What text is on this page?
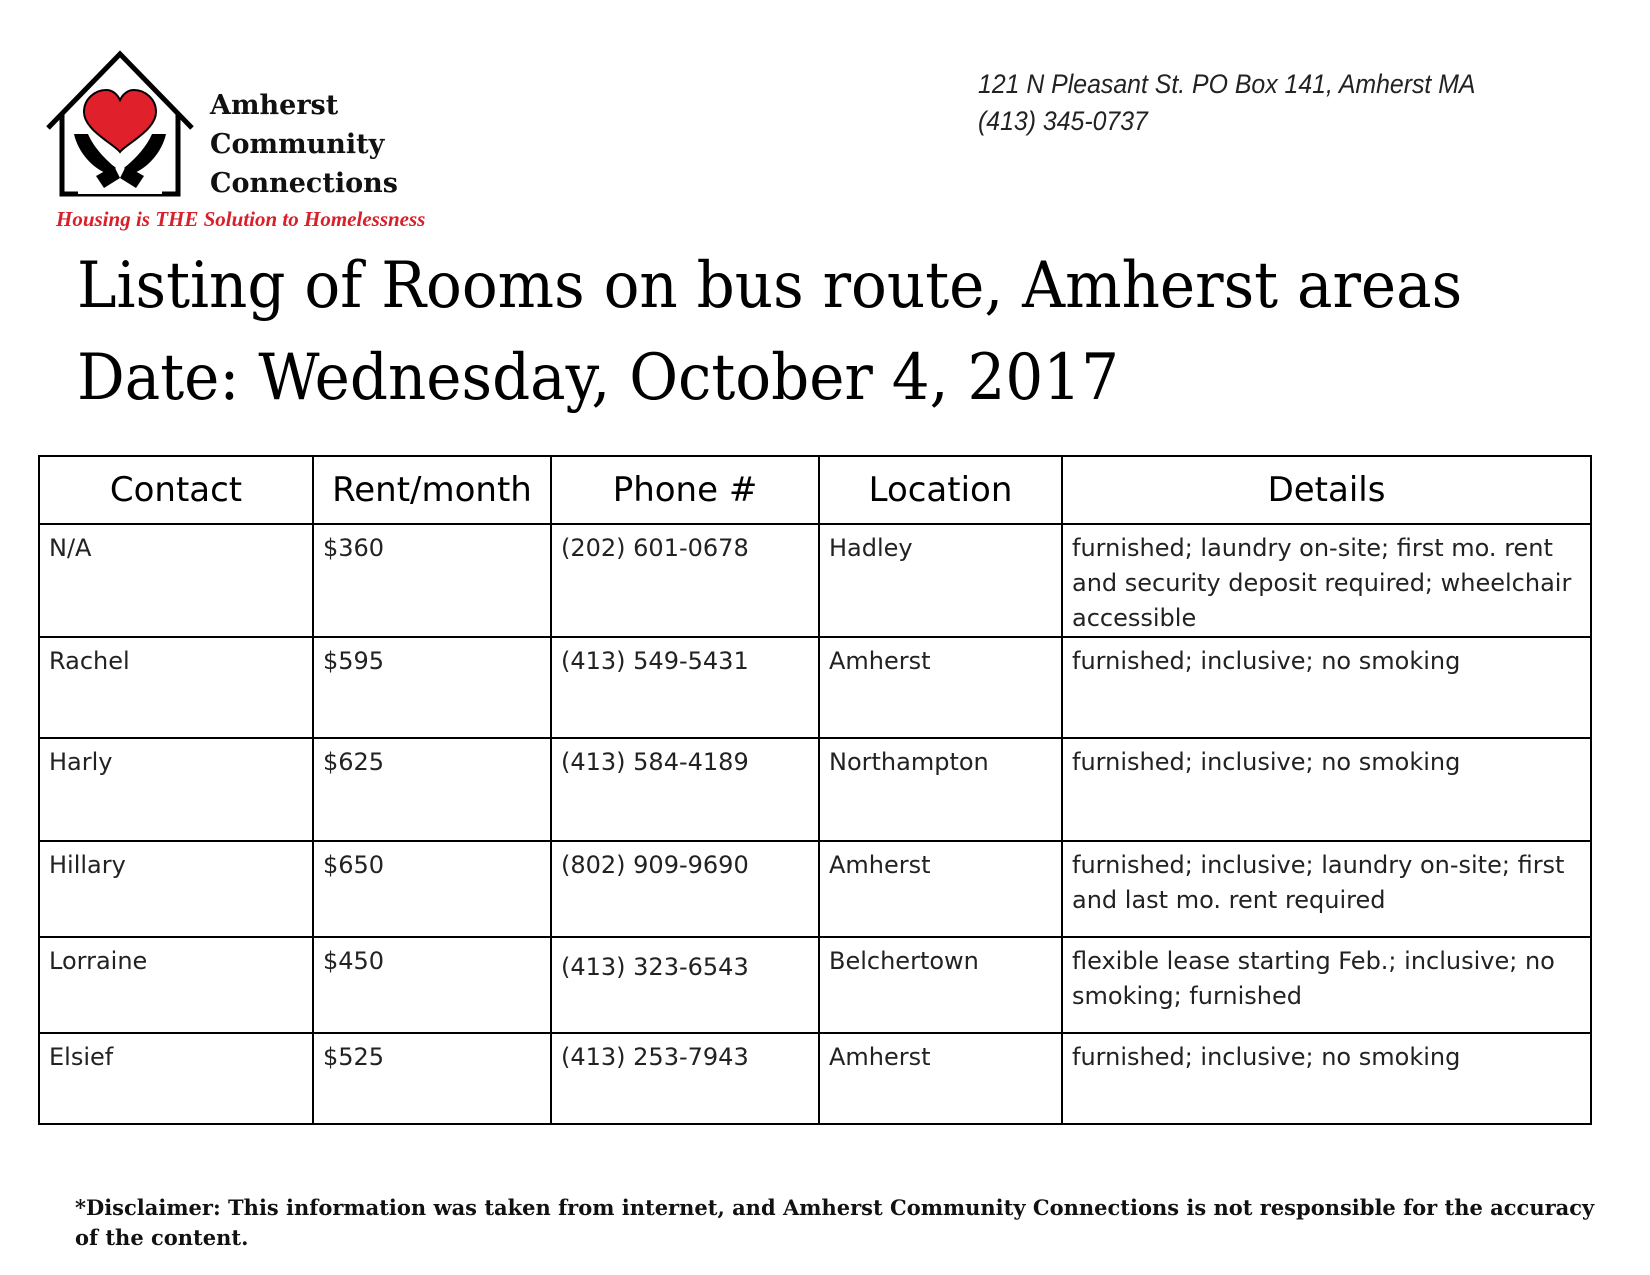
Amherst
Community
Connections
Housing is THE Solution to Homelessness
121 N Pleasant St. PO Box 141, Amherst MA
(413) 345-0737
Listing of Rooms on bus route, Amherst areas
Date: Wednesday, October 4, 2017
Contact	Rent/month	Phone #	Location	Details
N/A	$360	(202) 601-0678	Hadley	furnished; laundry on-site; first mo. rent and security deposit required; wheelchair accessible
Rachel	$595	(413) 549-5431	Amherst	furnished; inclusive; no smoking
Harly	$625	(413) 584-4189	Northampton	furnished; inclusive; no smoking
Hillary	$650	(802) 909-9690	Amherst	furnished; inclusive; laundry on-site; first and last mo. rent required
Lorraine	$450	(413) 323-6543	Belchertown	flexible lease starting Feb.; inclusive; no smoking; furnished
Elsief	$525	(413) 253-7943	Amherst	furnished; inclusive; no smoking
*Disclaimer: This information was taken from internet, and Amherst Community Connections is not responsible for the accuracy of the content.
